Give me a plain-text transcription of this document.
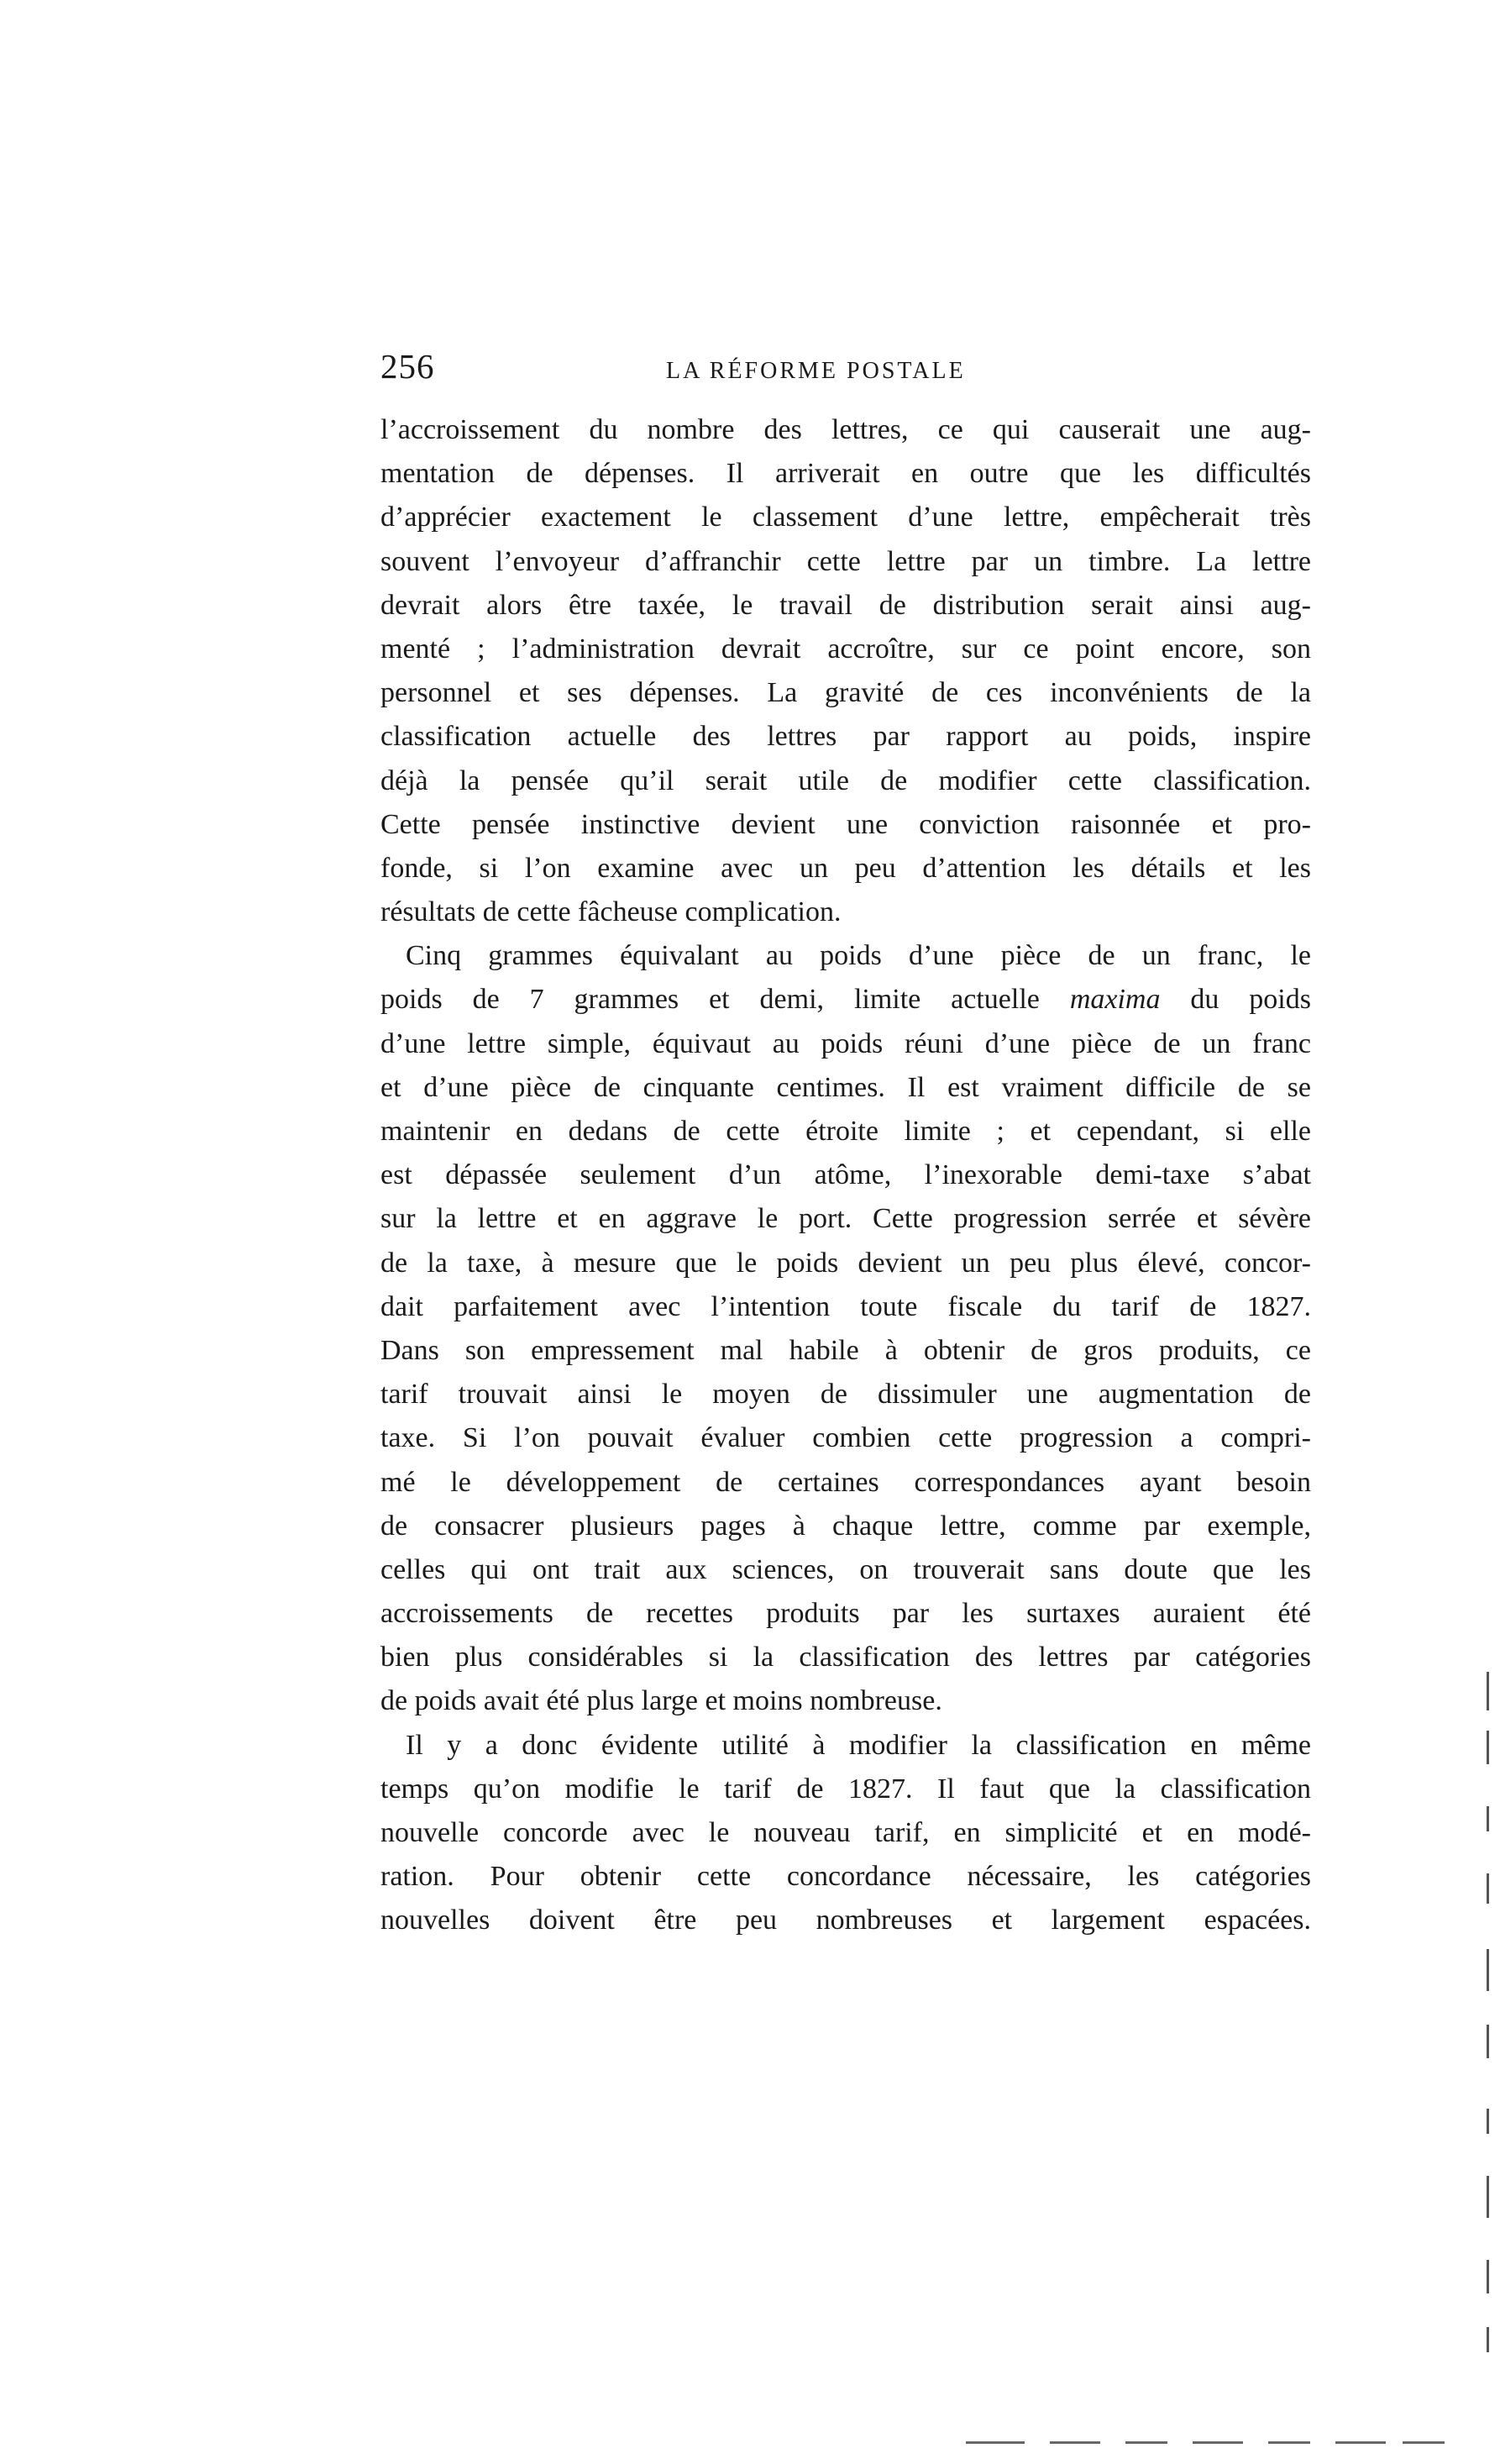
256	LA RÉFORME POSTALE
l’accroissement du nombre des lettres, ce qui causerait une aug-
mentation de dépenses. Il arriverait en outre que les difficultés
d’apprécier exactement le classement d’une lettre, empêcherait très
souvent l’envoyeur d’affranchir cette lettre par un timbre. La lettre
devrait alors être taxée, le travail de distribution serait ainsi aug-
menté ; l’administration devrait accroître, sur ce point encore, son
personnel et ses dépenses. La gravité de ces inconvénients de la
classification actuelle des lettres par rapport au poids, inspire
déjà la pensée qu’il serait utile de modifier cette classification.
Cette pensée instinctive devient une conviction raisonnée et pro-
fonde, si l’on examine avec un peu d’attention les détails et les
résultats de cette fâcheuse complication.
Cinq grammes équivalant au poids d’une pièce de un franc, le
poids de 7 grammes et demi, limite actuelle maxima du poids
d’une lettre simple, équivaut au poids réuni d’une pièce de un franc
et d’une pièce de cinquante centimes. Il est vraiment difficile de se
maintenir en dedans de cette étroite limite ; et cependant, si elle
est dépassée seulement d’un atôme, l’inexorable demi-taxe s’abat
sur la lettre et en aggrave le port. Cette progression serrée et sévère
de la taxe, à mesure que le poids devient un peu plus élevé, concor-
dait parfaitement avec l’intention toute fiscale du tarif de 1827.
Dans son empressement mal habile à obtenir de gros produits, ce
tarif trouvait ainsi le moyen de dissimuler une augmentation de
taxe. Si l’on pouvait évaluer combien cette progression a compri-
mé le développement de certaines correspondances ayant besoin
de consacrer plusieurs pages à chaque lettre, comme par exemple,
celles qui ont trait aux sciences, on trouverait sans doute que les
accroissements de recettes produits par les surtaxes auraient été
bien plus considérables si la classification des lettres par catégories
de poids avait été plus large et moins nombreuse.
Il y a donc évidente utilité à modifier la classification en même
temps qu’on modifie le tarif de 1827. Il faut que la classification
nouvelle concorde avec le nouveau tarif, en simplicité et en modé-
ration. Pour obtenir cette concordance nécessaire, les catégories
nouvelles doivent être peu nombreuses et largement espacées.
